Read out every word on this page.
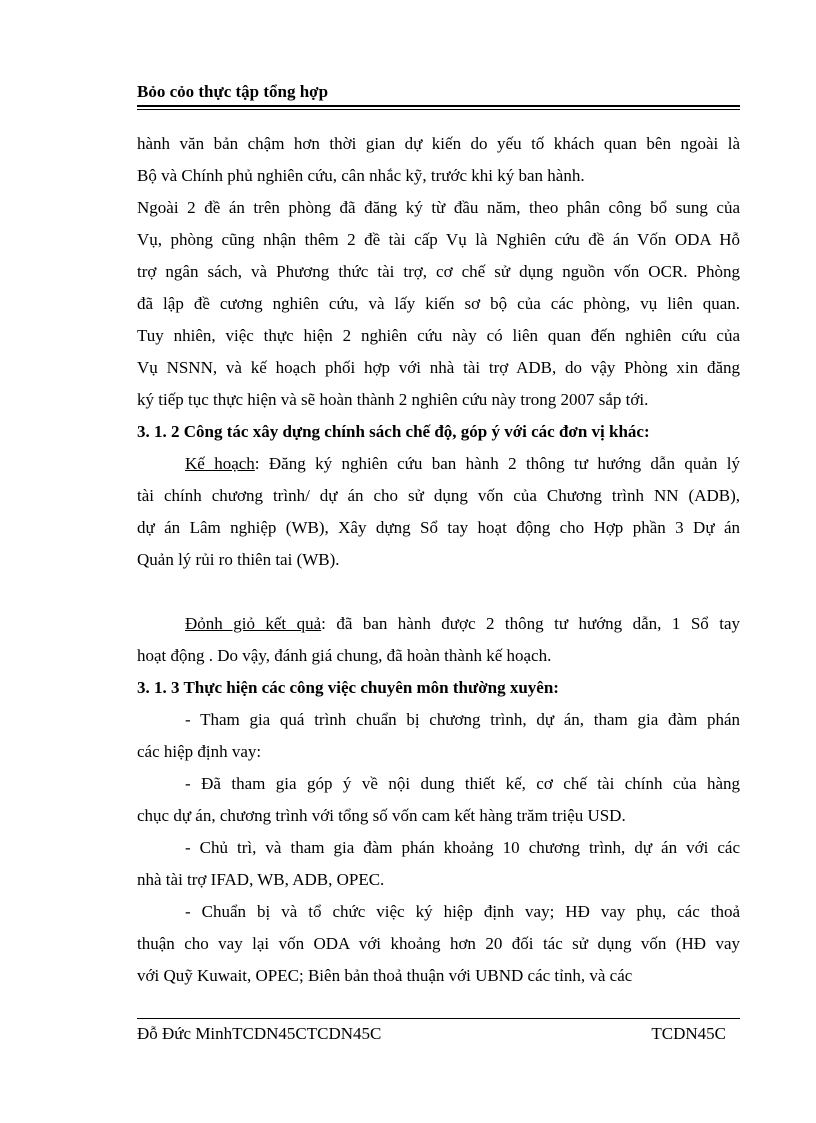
Bỏo cỏo thực tập tổng hợp

hành văn bản chậm hơn thời gian dự kiến do yếu tố khách quan bên ngoài là

Bộ và Chính phủ nghiên cứu, cân nhắc kỹ, trước khi ký ban hành.

Ngoài 2 đề án trên phòng đã đăng ký từ đầu năm, theo phân công bổ sung của

Vụ, phòng cũng nhận thêm 2 đề tài cấp Vụ là Nghiên cứu đề án Vốn ODA Hỗ

trợ ngân sách, và Phương thức tài trợ, cơ chế sử dụng nguồn vốn OCR. Phòng

đã lập đề cương nghiên cứu, và lấy kiến sơ bộ của các phòng, vụ liên quan.

Tuy nhiên, việc thực hiện 2 nghiên cứu này có liên quan đến nghiên cứu của

Vụ NSNN, và kế hoạch phối hợp với nhà tài trợ ADB, do vậy Phòng xin đăng

ký tiếp tục thực hiện và sẽ hoàn thành 2 nghiên cứu này trong 2007 sắp tới.

3. 1. 2 Công tác xây dựng chính sách chế độ, góp ý với các đơn vị khác:

Kế hoạch: Đăng ký nghiên cứu ban hành 2 thông tư hướng dẫn quản lý

tài chính chương trình/ dự án cho sử dụng vốn của Chương trình NN (ADB),

dự án Lâm nghiệp (WB), Xây dựng Sổ tay hoạt động cho Hợp phần 3 Dự án

Quản lý rủi ro thiên tai (WB).

Đỏnh giỏ kết quả: đã ban hành được 2 thông tư hướng dẫn, 1 Sổ tay

hoạt động . Do vậy, đánh giá chung, đã hoàn thành kế hoạch.

3. 1. 3 Thực hiện các công việc chuyên môn thường xuyên:

- Tham gia quá trình chuẩn bị chương trình, dự án, tham gia đàm phán

các hiệp định vay:

- Đã tham gia góp ý về nội dung thiết kế, cơ chế tài chính của hàng

chục dự án, chương trình với tổng số vốn cam kết hàng trăm triệu USD.

- Chủ trì, và tham gia đàm phán khoảng 10 chương trình, dự án với các

nhà tài trợ IFAD, WB, ADB, OPEC.

- Chuẩn bị và tổ chức việc ký hiệp định vay; HĐ vay phụ, các thoả

thuận cho vay lại vốn ODA với khoảng hơn 20 đối tác sử dụng vốn (HĐ vay

với Quỹ Kuwait, OPEC; Biên bản thoả thuận với UBND các tỉnh, và các

Đỗ Đức MinhTCDN45CTCDN45C	TCDN45C
